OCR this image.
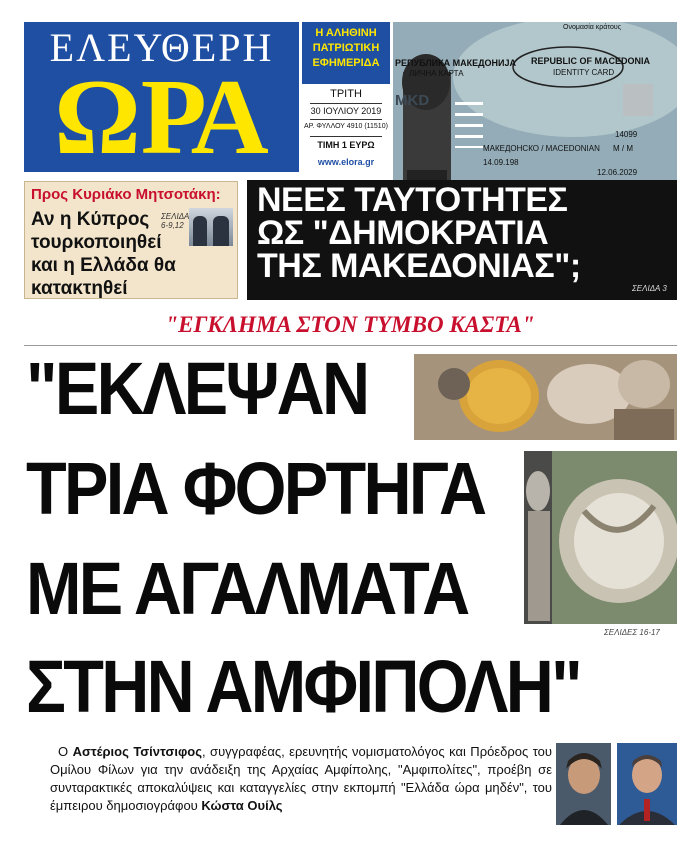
ΕΛΕΥΘΕΡΗ
ΩΡΑ
Η ΑΛΗΘΙΝΗ
ΠΑΤΡΙΩΤΙΚΗ
ΕΦΗΜΕΡΙΔΑ
ΤΡΙΤΗ
30 ΙΟΥΛΙΟΥ 2019
ΑΡ. ΦΥΛΛΟΥ 4910 (11510)
ΤΙΜΗ 1 ΕΥΡΩ
www.elora.gr
Ονομασία κράτους
РЕПУБЛИКА МАКЕДОНИЈА
ЛИЧНА КАРТА
REPUBLIC OF MACEDONIA
IDENTITY CARD
MKD
МАКЕДОНСКО / MACEDONIAN M / M
14.09.198
14099
12.06.2029
Προς Κυριάκο Μητσοτάκη:
Αν η Κύπρος τουρκοποιηθεί και η Ελλάδα θα κατακτηθεί
ΣΕΛΙΔΑ 6-9,12
ΝΕΕΣ ΤΑΥΤΟΤΗΤΕΣ
ΩΣ "ΔΗΜΟΚΡΑΤΙΑ
ΤΗΣ ΜΑΚΕΔΟΝΙΑΣ";
ΣΕΛΙΔΑ 3
"ΕΓΚΛΗΜΑ ΣΤΟΝ ΤΥΜΒΟ ΚΑΣΤΑ"
"ΕΚΛΕΨΑΝ
ΤΡΙΑ ΦΟΡΤΗΓΑ
ΜΕ ΑΓΑΛΜΑΤΑ
ΣΤΗΝ ΑΜΦΙΠΟΛΗ"
ΣΕΛΙΔΕΣ 16-17
Ο Αστέριος Τσίντσιφος, συγγραφέας, ερευνητής νομισματολόγος και Πρόεδρος του Ομίλου Φίλων για την ανάδειξη της Αρχαίας Αμφίπολης, "Αμφιπολίτες", προέβη σε συνταρακτικές αποκαλύψεις και καταγγελίες στην εκπομπή "Ελλάδα ώρα μηδέν", του έμπειρου δημοσιογράφου Κώστα Ουίλς
